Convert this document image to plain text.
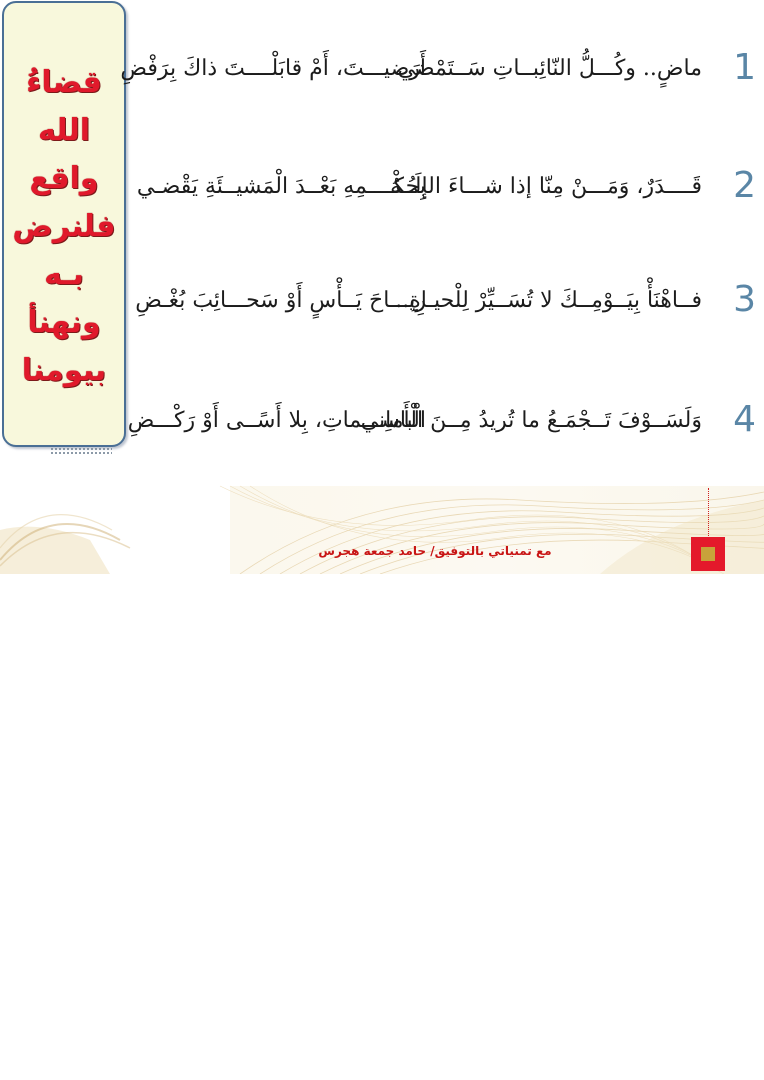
قضاءُ
الله
واقع
فلنرض
بـه
ونهنأ
بيومنا
1
ماضٍ.. وكُـــلُّ النّائِبــاتِ سَــتَمْضي
أَرَضيـــتَ، أَمْ قابَلْــــتَ ذاكَ بِرَفْضِ
2
قَــــدَرٌ، وَمَـــنْ مِنّا إذا شـــاءَ الإلَــهُ
بِحُكْــــمِهِ بَعْــدَ الْمَشيــئَةِ يَقْضـي
3
فــاهْنَأْ بِيَــوْمِــكَ لا تُسَــيِّرْ لِلْحيـاةِ..
رِيـــاحَ يَــأْسٍ أَوْ سَحـــائِبَ بُغْـضِ
4
وَلَسَــوْفَ تَــجْمَـعُ ما تُريدُ مِــنَ الْأَماني
الْباسِـــماتِ، بِلا أَسًــى أَوْ رَكْـــضِ
مع تمنياتي بالتوفيق/ حامد جمعة هجرس
